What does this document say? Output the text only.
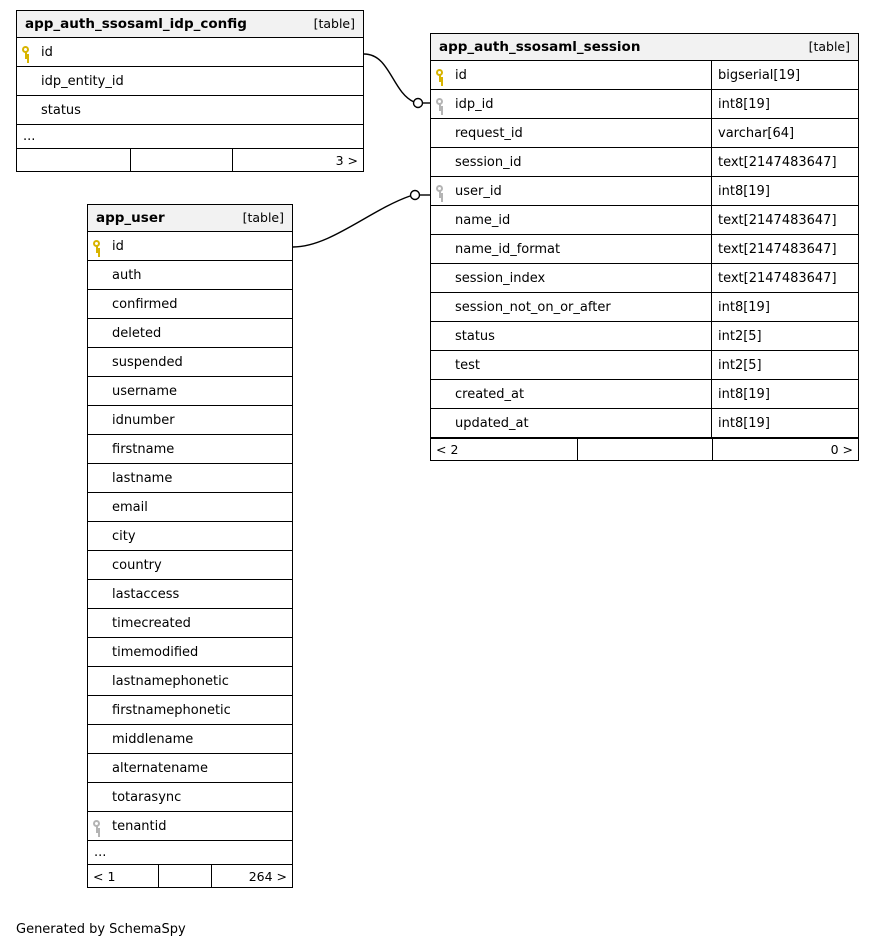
app_auth_ssosaml_idp_config	[table]
id
idp_entity_id
status
...
3 >
app_user	[table]
id
auth
confirmed
deleted
suspended
username
idnumber
firstname
lastname
email
city
country
lastaccess
timecreated
timemodified
lastnamephonetic
firstnamephonetic
middlename
alternatename
totarasync
tenantid
...
< 1	264 >
app_auth_ssosaml_session	[table]
id	bigserial[19]
idp_id	int8[19]
request_id	varchar[64]
session_id	text[2147483647]
user_id	int8[19]
name_id	text[2147483647]
name_id_format	text[2147483647]
session_index	text[2147483647]
session_not_on_or_after	int8[19]
status	int2[5]
test	int2[5]
created_at	int8[19]
updated_at	int8[19]
< 2	0 >
Generated by SchemaSpy
